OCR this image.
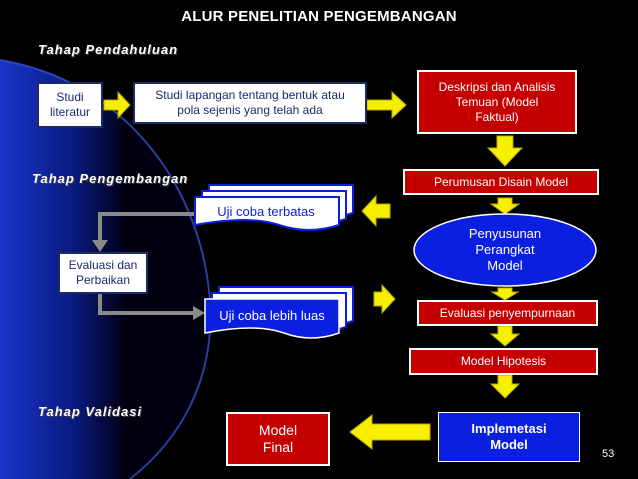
ALUR PENELITIAN PENGEMBANGAN
Tahap Pendahuluan
Tahap Pengembangan
Tahap Validasi
Studi literatur
Studi lapangan tentang bentuk atau pola sejenis yang telah ada
Deskripsi dan Analisis Temuan (Model Faktual)
Perumusan Disain Model
Penyusunan Perangkat Model
Uji coba terbatas
Uji coba lebih luas
Evaluasi dan Perbaikan
Evaluasi penyempurnaan
Model Hipotesis
Model Final
Implemetasi Model
53
